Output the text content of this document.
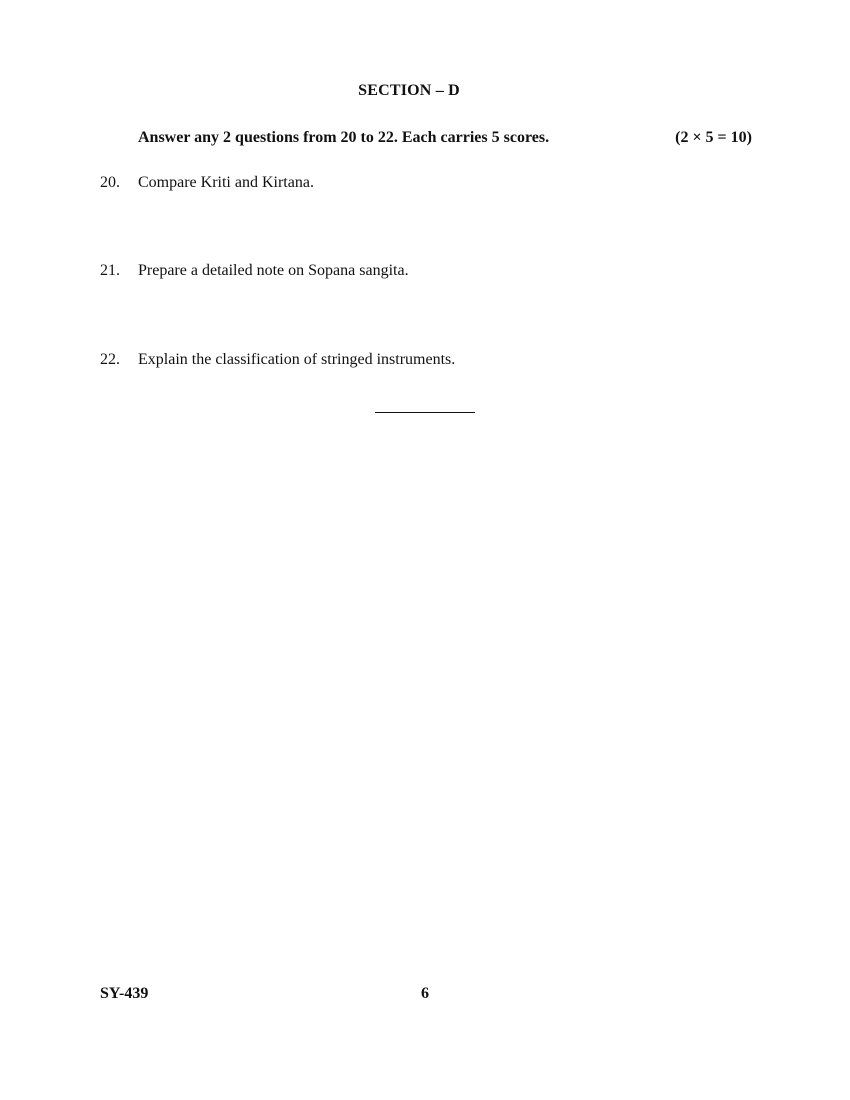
SECTION – D
Answer any 2 questions from 20 to 22. Each carries 5 scores.	(2 × 5 = 10)
20. Compare Kriti and Kirtana.
21. Prepare a detailed note on Sopana sangita.
22. Explain the classification of stringed instruments.
SY-439	6
